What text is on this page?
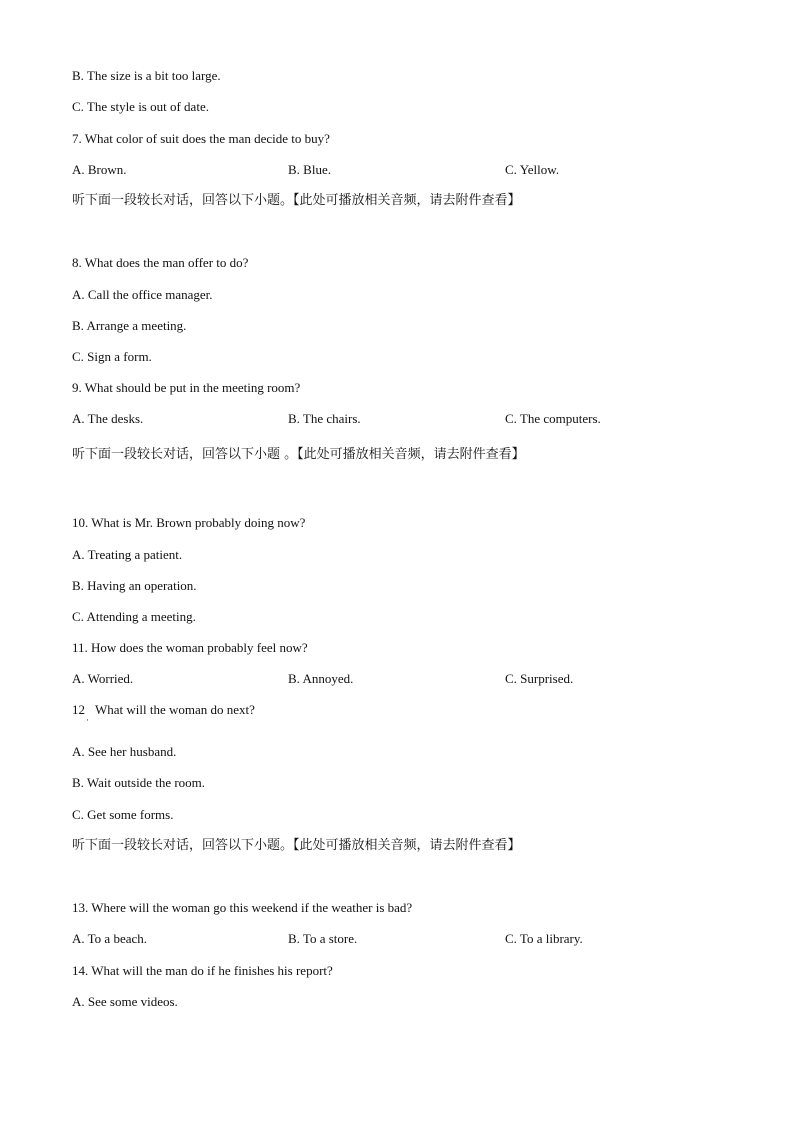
B. The size is a bit too large.
C. The style is out of date.
7. What color of suit does the man decide to buy?
A. Brown.	B. Blue.	C. Yellow.
听下面一段较长对话，回答以下小题。【此处可播放相关音频，请去附件查看】
8. What does the man offer to do?
A. Call the office manager.
B. Arrange a meeting.
C. Sign a form.
9. What should be put in the meeting room?
A. The desks.	B. The chairs.	C. The computers.
听下面一段较长对话，回答以下小题 。【此处可播放相关音频，请去附件查看】
10. What is Mr. Brown probably doing now?
A. Treating a patient.
B. Having an operation.
C. Attending a meeting.
11. How does the woman probably feel now?
A. Worried.	B. Annoyed.	C. Surprised.
12
·
What will the woman do next?
A. See her husband.
B. Wait outside the room.
C. Get some forms.
听下面一段较长对话，回答以下小题。【此处可播放相关音频，请去附件查看】
13. Where will the woman go this weekend if the weather is bad?
A. To a beach.	B. To a store.	C. To a library.
14. What will the man do if he finishes his report?
A. See some videos.
